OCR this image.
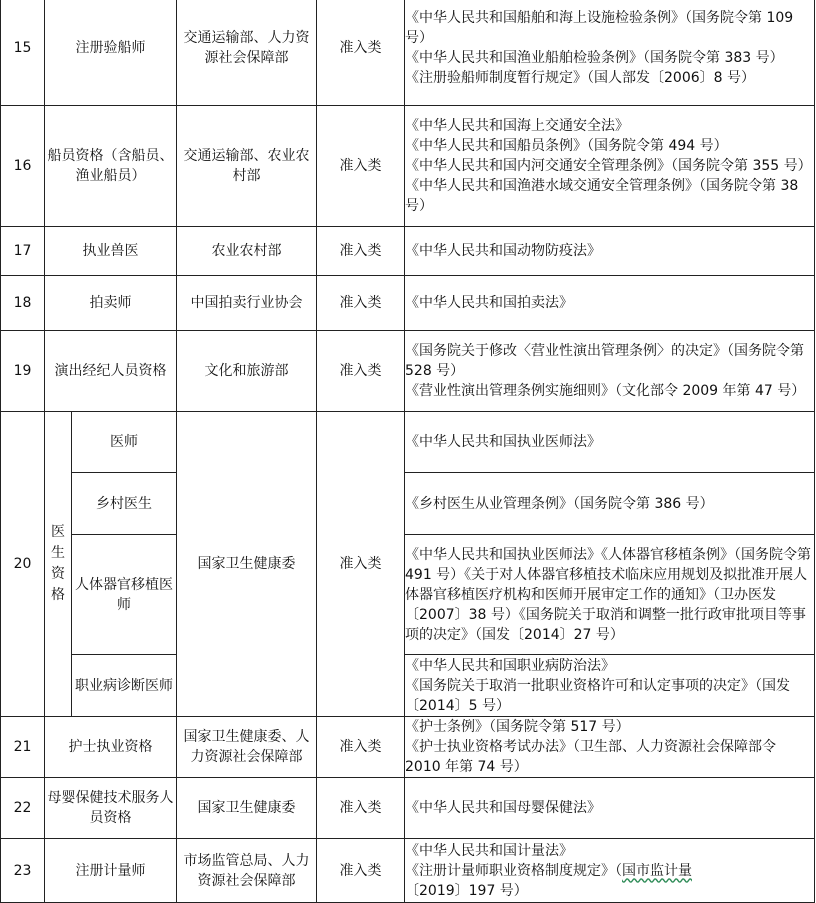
15	注册验船师		交通运输部、人力资源社会保障部	准入类	《中华人民共和国船舶和海上设施检验条例》（国务院令第 109 号）
《中华人民共和国渔业船舶检验条例》（国务院令第 383 号）
《注册验船师制度暂行规定》（国人部发〔2006〕8 号）

16	船员资格（含船员、渔业船员）		交通运输部、农业农村部	准入类	《中华人民共和国海上交通安全法》
《中华人民共和国船员条例》（国务院令第 494 号）
《中华人民共和国内河交通安全管理条例》（国务院令第 355 号）
《中华人民共和国渔港水域交通安全管理条例》（国务院令第 38 号）

17	执业兽医		农业农村部	准入类	《中华人民共和国动物防疫法》

18	拍卖师		中国拍卖行业协会	准入类	《中华人民共和国拍卖法》

19	演出经纪人员资格		文化和旅游部	准入类	《国务院关于修改〈营业性演出管理条例〉的决定》（国务院令第 528 号）
《营业性演出管理条例实施细则》（文化部令 2009 年第 47 号）

20	医生资格	医师	国家卫生健康委	准入类	《中华人民共和国执业医师法》

		乡村医生			《乡村医生从业管理条例》（国务院令第 386 号）

		人体器官移植医师			《中华人民共和国执业医师法》《人体器官移植条例》（国务院令第 491 号）《关于对人体器官移植技术临床应用规划及拟批准开展人体器官移植医疗机构和医师开展审定工作的通知》（卫办医发〔2007〕38 号）《国务院关于取消和调整一批行政审批项目等事项的决定》（国发〔2014〕27 号）

		职业病诊断医师			《中华人民共和国职业病防治法》
《国务院关于取消一批职业资格许可和认定事项的决定》（国发〔2014〕5 号）

21	护士执业资格		国家卫生健康委、人力资源社会保障部	准入类	《护士条例》（国务院令第 517 号）
《护士执业资格考试办法》（卫生部、人力资源社会保障部令 2010 年第 74 号）

22	母婴保健技术服务人员资格		国家卫生健康委	准入类	《中华人民共和国母婴保健法》

23	注册计量师		市场监管总局、人力资源社会保障部	准入类	《中华人民共和国计量法》
《注册计量师职业资格制度规定》（国市监计量〔2019〕197 号）
